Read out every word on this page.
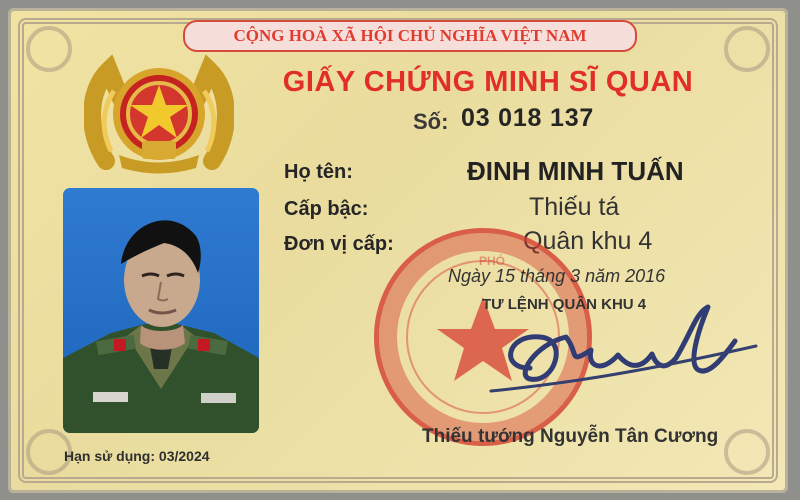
CỘNG HOÀ XÃ HỘI CHỦ NGHĨA VIỆT NAM
GIẤY CHỨNG MINH SĨ QUAN
Số: 03 018 137
Họ tên:	ĐINH MINH TUẤN
Cấp bậc:	Thiếu tá
Đơn vị cấp:	Quân khu 4
PHÓ
Ngày 15 tháng 3 năm 2016
TƯ LỆNH QUÂN KHU 4
Thiếu tướng Nguyễn Tân Cương
Hạn sử dụng: 03/2024
